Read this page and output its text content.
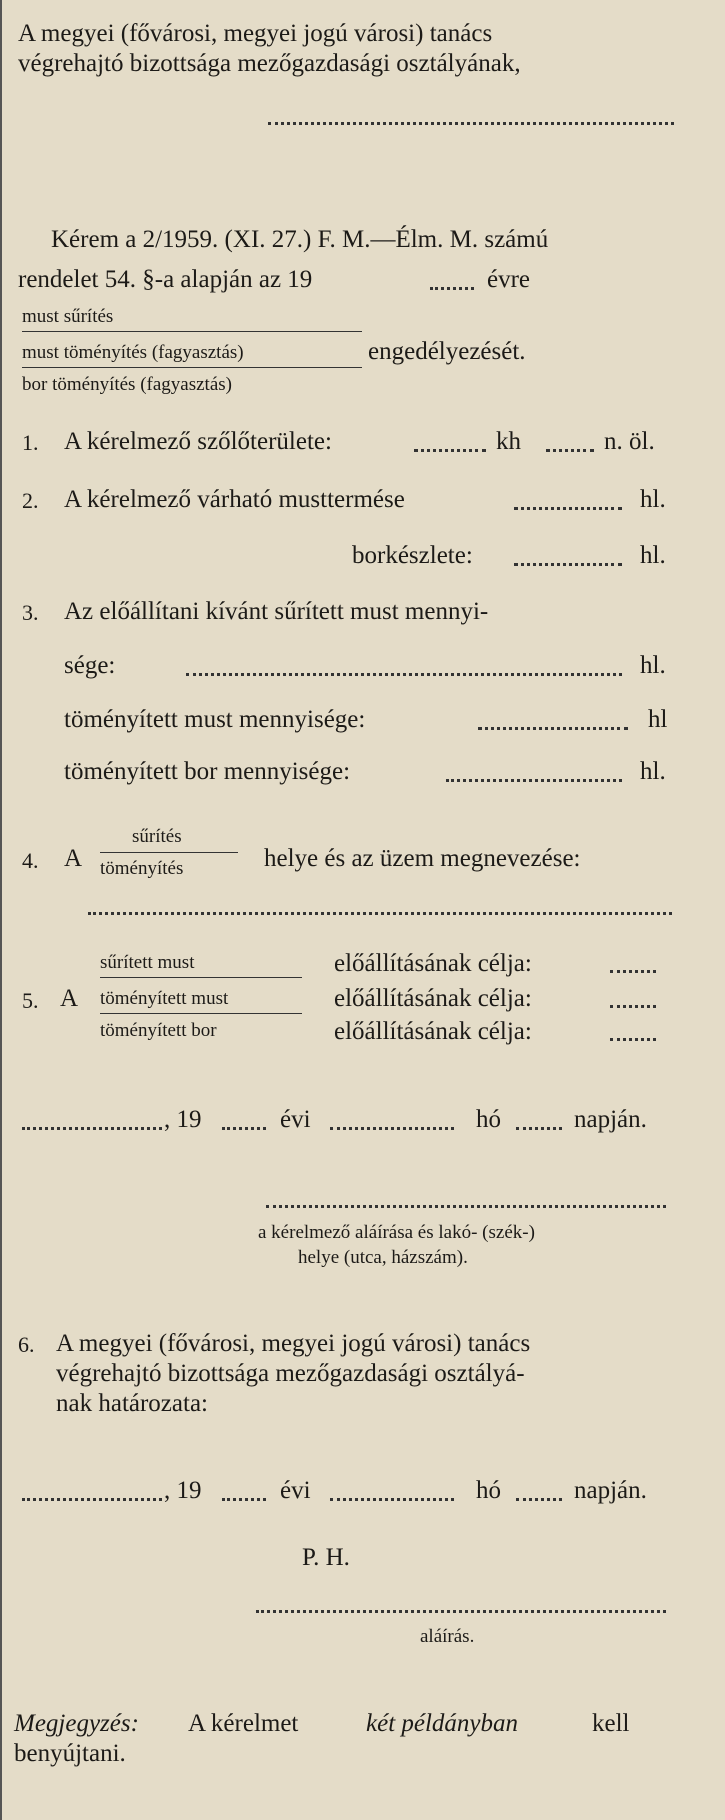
A megyei (fővárosi, megyei jogú városi) tanács
végrehajtó bizottsága mezőgazdasági osztályának,
Kérem a 2/1959. (XI. 27.) F. M.—Élm. M. számú
rendelet 54. §-a alapján az 19	évre
must sűrítés
must töményítés (fagyasztás)	engedélyezését.
bor töményítés (fagyasztás)
1. A kérelmező szőlőterülete:	kh	n. öl.
2. A kérelmező várható musttermése	hl.
borkészlete:	hl.
3. Az előállítani kívánt sűrített must mennyi-
sége:	hl.
töményített must mennyisége:	hl
töményített bor mennyisége:	hl.
sűrítés
4. A töményítés	helye és az üzem megnevezése:
sűrített must	előállításának célja:
5. A töményített must	előállításának célja:
töményített bor	előállításának célja:
, 19	évi	hó	napján.
a kérelmező aláírása és lakó- (szék-)
helye (utca, házszám).
6. A megyei (fővárosi, megyei jogú városi) tanács
végrehajtó bizottsága mezőgazdasági osztályá-
nak határozata:
, 19	évi	hó	napján.
P. H.
aláírás.
Megjegyzés: A kérelmet	két példányban	kell
benyújtani.
